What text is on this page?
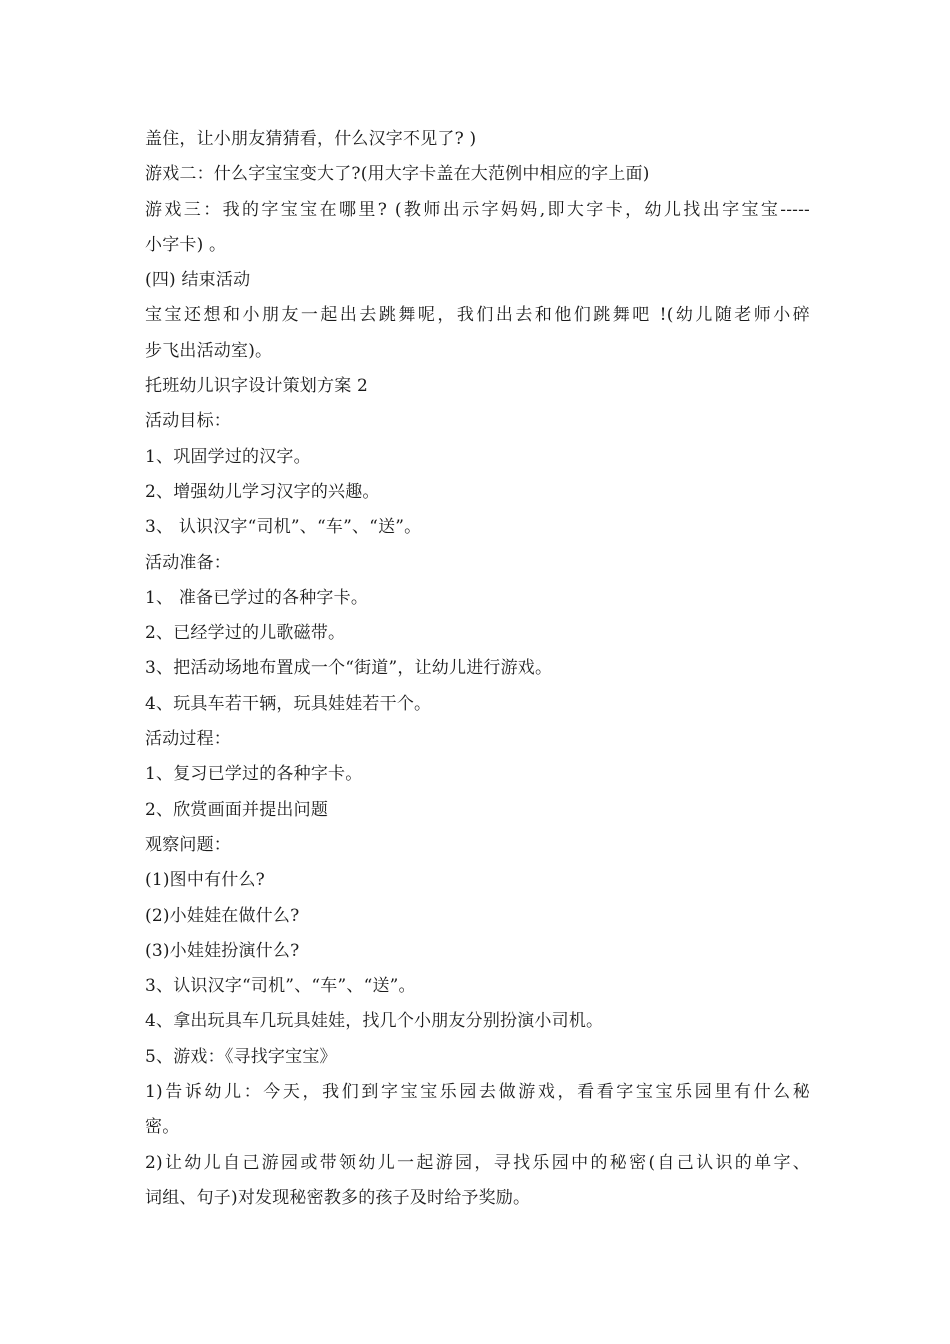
盖住，让小朋友猜猜看，什么汉字不见了? )
游戏二：什么字宝宝变大了?(用大字卡盖在大范例中相应的字上面)
游戏三：我的字宝宝在哪里? (教师出示字妈妈,即大字卡，幼儿找出字宝宝-----
小字卡) 。
(四) 结束活动
宝宝还想和小朋友一起出去跳舞呢，我们出去和他们跳舞吧 !(幼儿随老师小碎
步飞出活动室)。
托班幼儿识字设计策划方案 2
活动目标：
1、巩固学过的汉字。
2、增强幼儿学习汉字的兴趣。
3、 认识汉字“司机”、“车”、“送”。
活动准备：
1、 准备已学过的各种字卡。
2、已经学过的儿歌磁带。
3、把活动场地布置成一个“街道”，让幼儿进行游戏。
4、玩具车若干辆，玩具娃娃若干个。
活动过程：
1、复习已学过的各种字卡。
2、欣赏画面并提出问题
观察问题：
(1)图中有什么?
(2)小娃娃在做什么?
(3)小娃娃扮演什么?
3、认识汉字“司机”、“车”、“送”。
4、拿出玩具车几玩具娃娃，找几个小朋友分别扮演小司机。
5、游戏：《寻找字宝宝》
1)告诉幼儿：今天，我们到字宝宝乐园去做游戏，看看字宝宝乐园里有什么秘
密。
2)让幼儿自己游园或带领幼儿一起游园，寻找乐园中的秘密(自己认识的单字、
词组、句子)对发现秘密教多的孩子及时给予奖励。
